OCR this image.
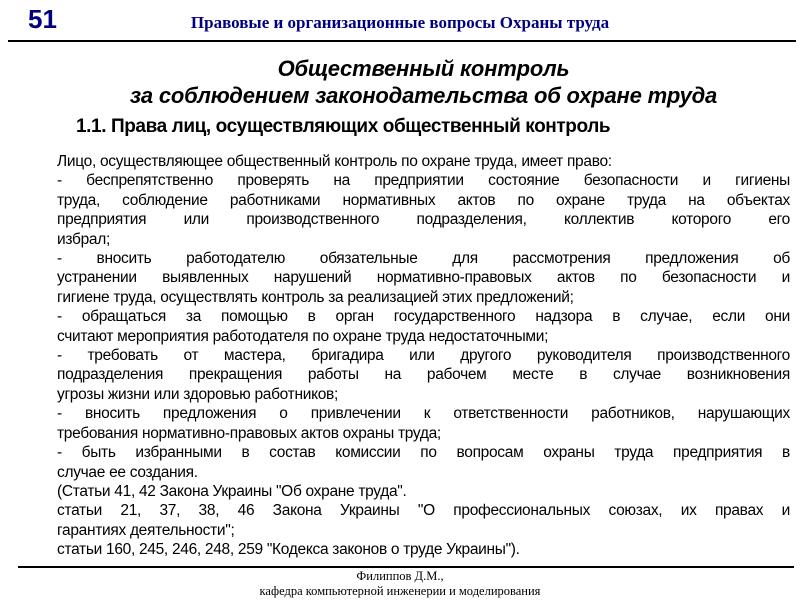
51	Правовые и организационные вопросы Охраны труда
Общественный контроль
за соблюдением законодательства об охране труда
1.1. Права лиц, осуществляющих общественный контроль
Лицо, осуществляющее общественный контроль по охране труда, имеет право:
- беспрепятственно проверять на предприятии состояние безопасности и гигиены
труда, соблюдение работниками нормативных актов по охране труда на объектах
предприятия или производственного подразделения, коллектив которого его
избрал;
- вносить работодателю обязательные для рассмотрения предложения об
устранении выявленных нарушений нормативно-правовых актов по безопасности и
гигиене труда, осуществлять контроль за реализацией этих предложений;
- обращаться за помощью в орган государственного надзора в случае, если они
считают мероприятия работодателя по охране труда недостаточными;
- требовать от мастера, бригадира или другого руководителя производственного
подразделения прекращения работы на рабочем месте в случае возникновения
угрозы жизни или здоровью работников;
- вносить предложения о привлечении к ответственности работников, нарушающих
требования нормативно-правовых актов охраны труда;
- быть избранными в состав комиссии по вопросам охраны труда предприятия в
случае ее создания.
(Статьи 41, 42 Закона Украины "Об охране труда".
статьи 21, 37, 38, 46 Закона Украины "О профессиональных союзах, их правах и
гарантиях деятельности";
статьи 160, 245, 246, 248, 259 "Кодекса законов о труде Украины").
Филиппов Д.М.,
кафедра компьютерной инженерии и моделирования
